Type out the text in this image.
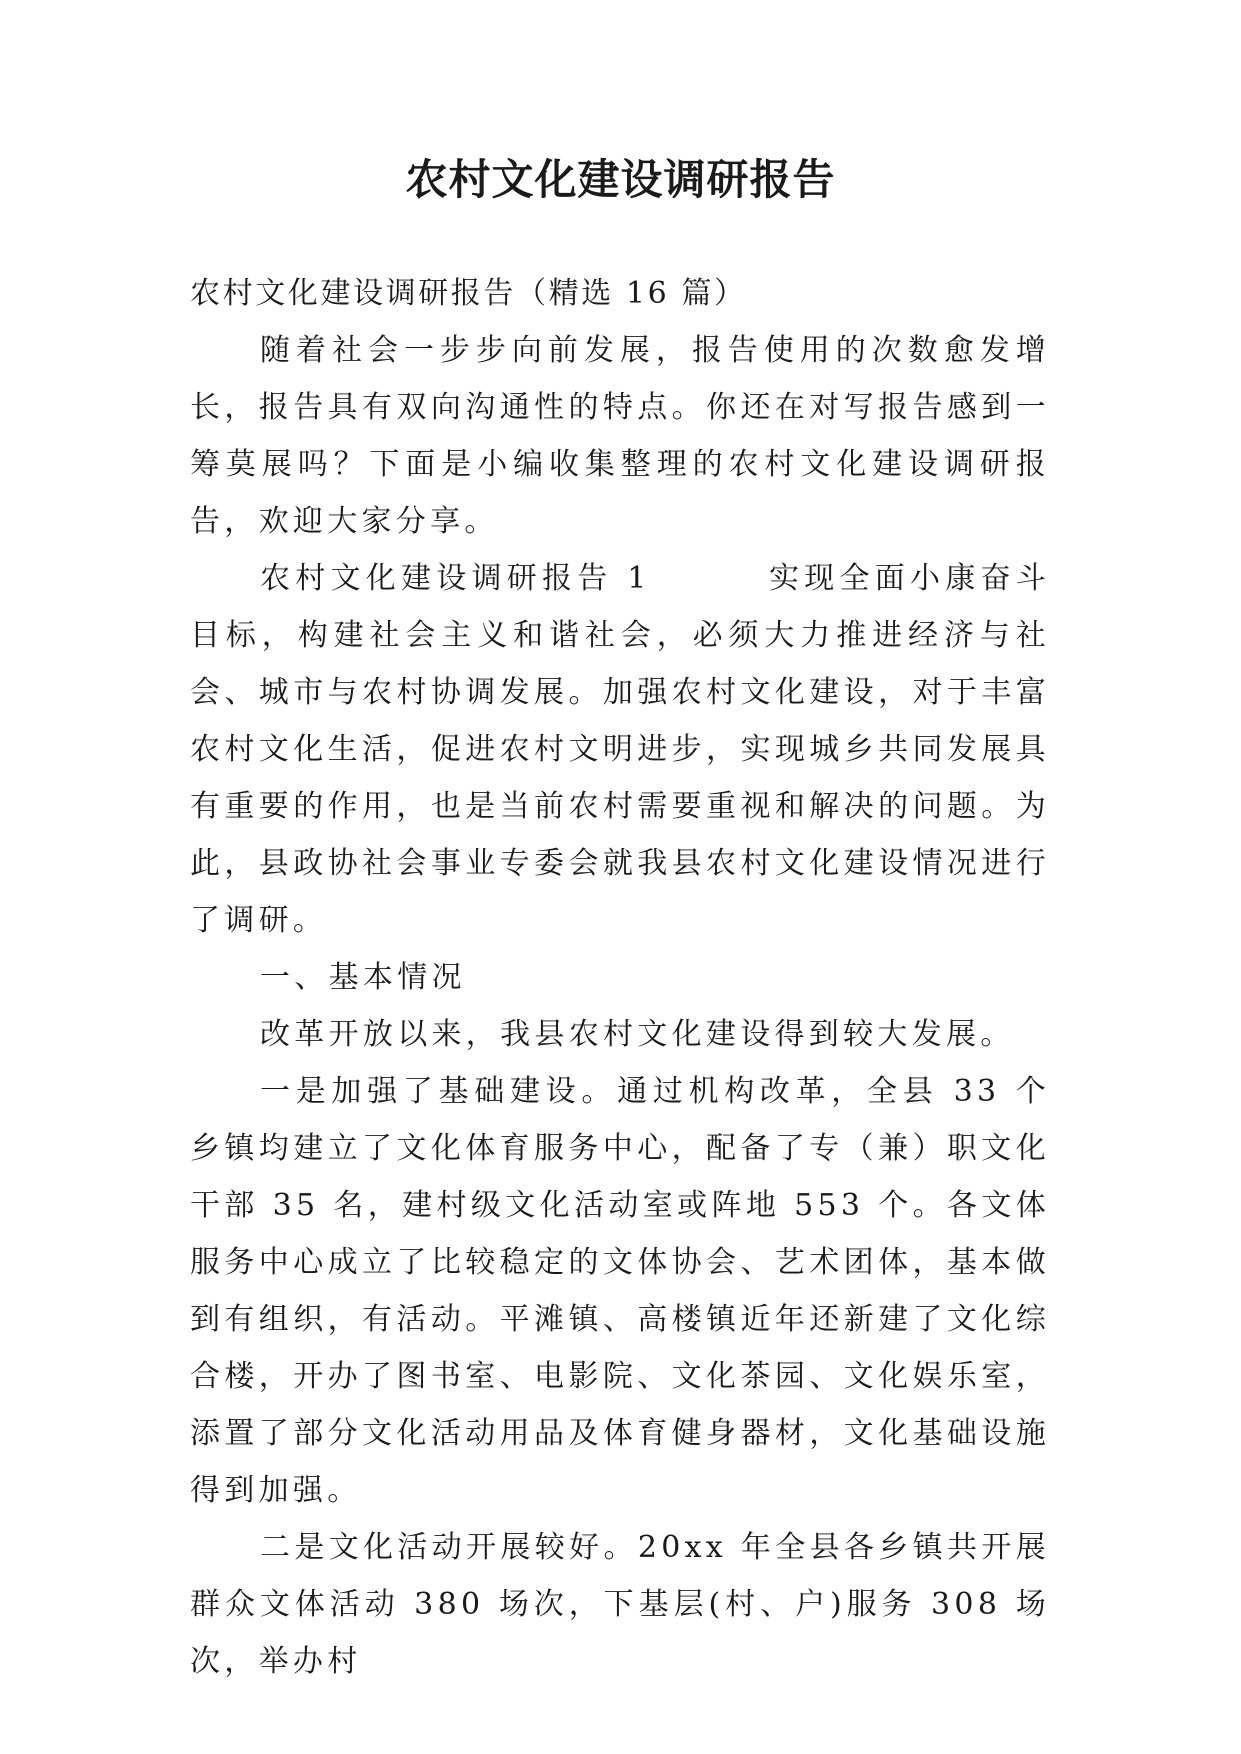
农村文化建设调研报告

农村文化建设调研报告（精选 16 篇）

随着社会一步步向前发展，报告使用的次数愈发增长，报告具有双向沟通性的特点。你还在对写报告感到一筹莫展吗？下面是小编收集整理的农村文化建设调研报告，欢迎大家分享。

农村文化建设调研报告 1        实现全面小康奋斗目标，构建社会主义和谐社会，必须大力推进经济与社会、城市与农村协调发展。加强农村文化建设，对于丰富农村文化生活，促进农村文明进步，实现城乡共同发展具有重要的作用，也是当前农村需要重视和解决的问题。为此，县政协社会事业专委会就我县农村文化建设情况进行了调研。

一、基本情况

改革开放以来，我县农村文化建设得到较大发展。

一是加强了基础建设。通过机构改革，全县 33 个乡镇均建立了文化体育服务中心，配备了专（兼）职文化干部 35 名，建村级文化活动室或阵地 553 个。各文体服务中心成立了比较稳定的文体协会、艺术团体，基本做到有组织，有活动。平滩镇、高楼镇近年还新建了文化综合楼，开办了图书室、电影院、文化茶园、文化娱乐室，添置了部分文化活动用品及体育健身器材，文化基础设施得到加强。

二是文化活动开展较好。20xx 年全县各乡镇共开展群众文体活动 380 场次，下基层(村、户)服务 308 场次，举办村
